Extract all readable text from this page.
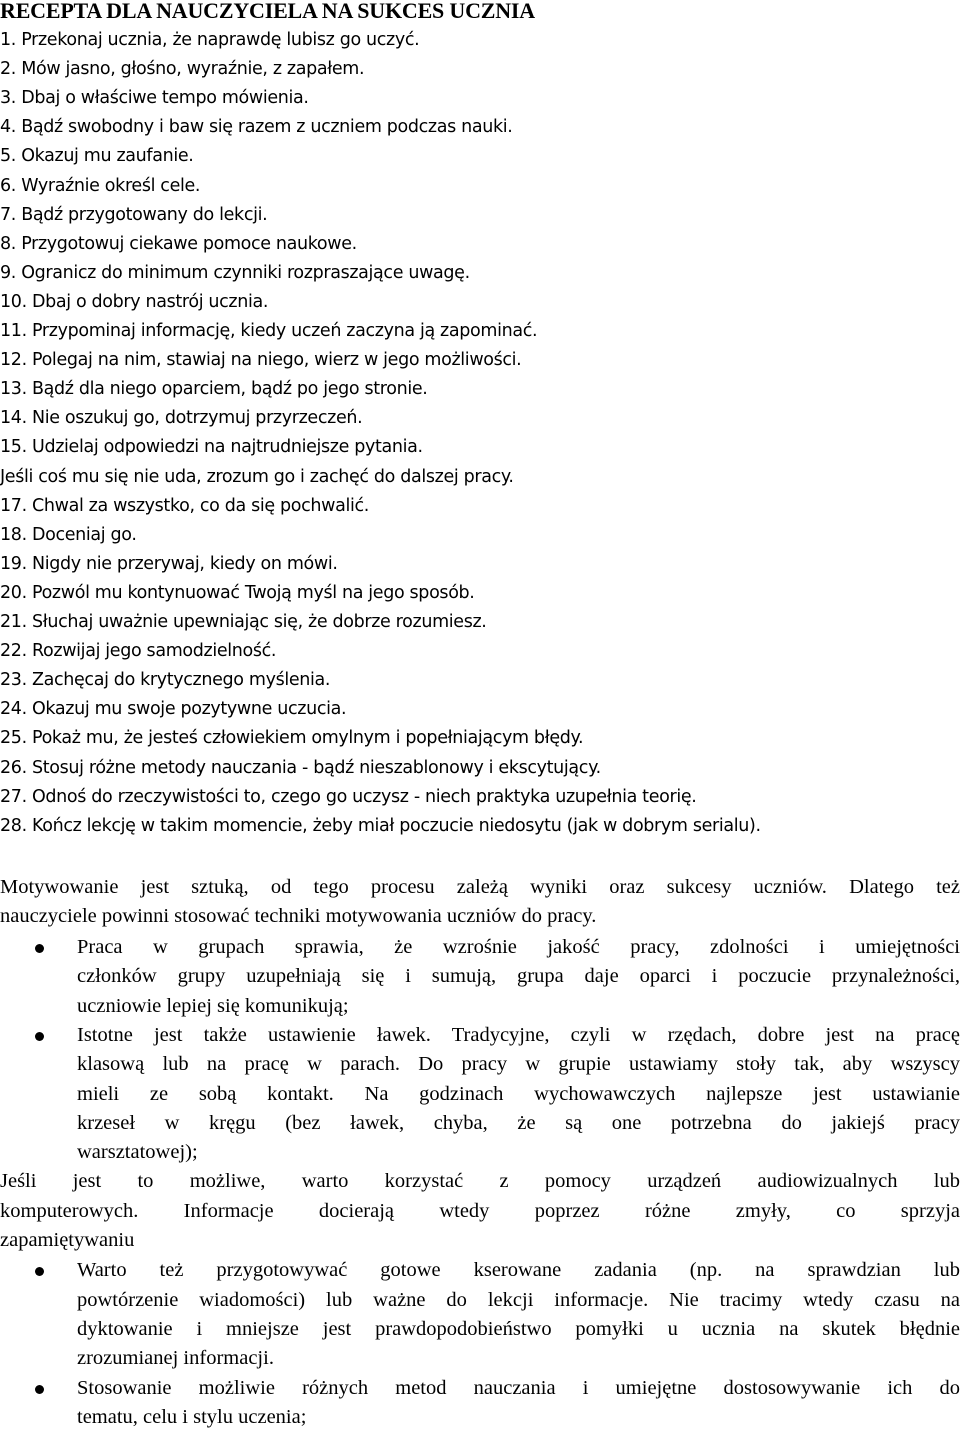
RECEPTA DLA NAUCZYCIELA NA SUKCES UCZNIA
1. Przekonaj ucznia, że naprawdę lubisz go uczyć.
2. Mów jasno, głośno, wyraźnie, z zapałem.
3. Dbaj o właściwe tempo mówienia.
4. Bądź swobodny i baw się razem z uczniem podczas nauki.
5. Okazuj mu zaufanie.
6. Wyraźnie określ cele.
7. Bądź przygotowany do lekcji.
8. Przygotowuj ciekawe pomoce naukowe.
9. Ogranicz do minimum czynniki rozpraszające uwagę.
10. Dbaj o dobry nastrój ucznia.
11. Przypominaj informację, kiedy uczeń zaczyna ją zapominać.
12. Polegaj na nim, stawiaj na niego, wierz w jego możliwości.
13. Bądź dla niego oparciem, bądź po jego stronie.
14. Nie oszukuj go, dotrzymuj przyrzeczeń.
15. Udzielaj odpowiedzi na najtrudniejsze pytania.
Jeśli coś mu się nie uda, zrozum go i zachęć do dalszej pracy.
17. Chwal za wszystko, co da się pochwalić.
18. Doceniaj go.
19. Nigdy nie przerywaj, kiedy on mówi.
20. Pozwól mu kontynuować Twoją myśl na jego sposób.
21. Słuchaj uważnie upewniając się, że dobrze rozumiesz.
22. Rozwijaj jego samodzielność.
23. Zachęcaj do krytycznego myślenia.
24. Okazuj mu swoje pozytywne uczucia.
25. Pokaż mu, że jesteś człowiekiem omylnym i popełniającym błędy.
26. Stosuj różne metody nauczania - bądź nieszablonowy i ekscytujący.
27. Odnoś do rzeczywistości to, czego go uczysz - niech praktyka uzupełnia teorię.
28. Kończ lekcję w takim momencie, żeby miał poczucie niedosytu (jak w dobrym serialu).
Motywowanie jest sztuką, od tego procesu zależą wyniki oraz sukcesy uczniów. Dlatego też
nauczyciele powinni stosować techniki motywowania uczniów do pracy.
Praca w grupach sprawia, że wzrośnie jakość pracy, zdolności i umiejętności
członków grupy uzupełniają się i sumują, grupa daje oparci i poczucie przynależności,
uczniowie lepiej się komunikują;
Istotne jest także ustawienie ławek. Tradycyjne, czyli w rzędach, dobre jest na pracę
klasową lub na pracę w parach. Do pracy w grupie ustawiamy stoły tak, aby wszyscy
mieli ze sobą kontakt. Na godzinach wychowawczych najlepsze jest ustawianie
krzeseł w kręgu (bez ławek, chyba, że są one potrzebna do jakiejś pracy
warsztatowej);
Jeśli jest to możliwe, warto korzystać z pomocy urządzeń audiowizualnych lub
komputerowych. Informacje docierają wtedy poprzez różne zmyły, co sprzyja
zapamiętywaniu
Warto też przygotowywać gotowe kserowane zadania (np. na sprawdzian lub
powtórzenie wiadomości) lub ważne do lekcji informacje. Nie tracimy wtedy czasu na
dyktowanie i mniejsze jest prawdopodobieństwo pomyłki u ucznia na skutek błędnie
zrozumianej informacji.
Stosowanie możliwie różnych metod nauczania i umiejętne dostosowywanie ich do
tematu, celu i stylu uczenia;
